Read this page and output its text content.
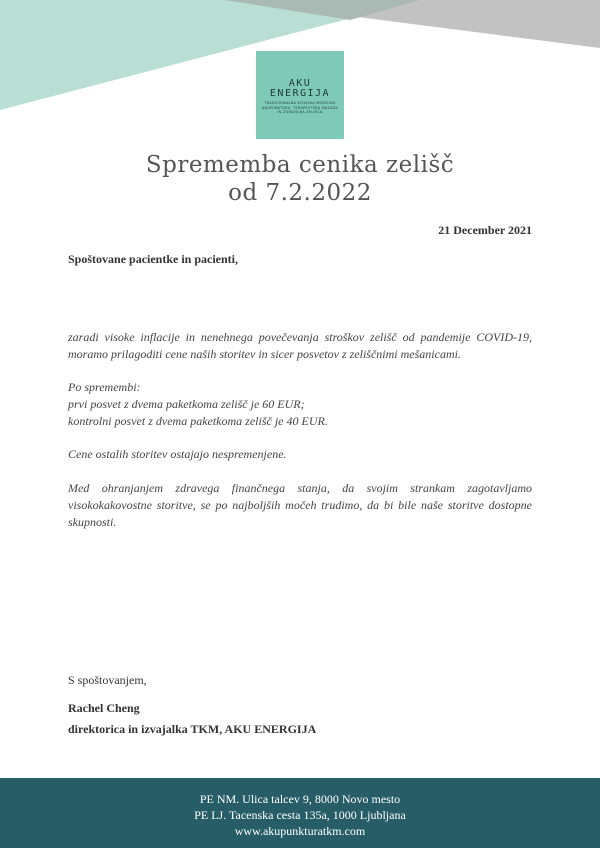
AKU
ENERGIJA
TRADICIONALNA KITAJSKA MEDICINA AKUPUNKTURA, TERAPEVTSKA MASAŽA IN ZDRAVILNA ZELIŠČA
Sprememba cenika zelišč
od 7.2.2022
21 December 2021
Spoštovane pacientke in pacienti,
zaradi visoke inflacije in nenehnega povečevanja stroškov zelišč od pandemije COVID-19, moramo prilagoditi cene naših storitev in sicer posvetov z zeliščnimi mešanicami.
Po spremembi:
prvi posvet z dvema paketkoma zelišč je 60 EUR;
kontrolni posvet z dvema paketkoma zelišč je 40 EUR.
Cene ostalih storitev ostajajo nespremenjene.
Med ohranjanjem zdravega finančnega stanja, da svojim strankam zagotavljamo visokokakovostne storitve, se po najboljših močeh trudimo, da bi bile naše storitve dostopne skupnosti.
S spoštovanjem,
Rachel Cheng
direktorica in izvajalka TKM, AKU ENERGIJA
PE NM. Ulica talcev 9, 8000 Novo mesto
PE LJ. Tacenska cesta 135a, 1000 Ljubljana
www.akupunkturatkm.com
